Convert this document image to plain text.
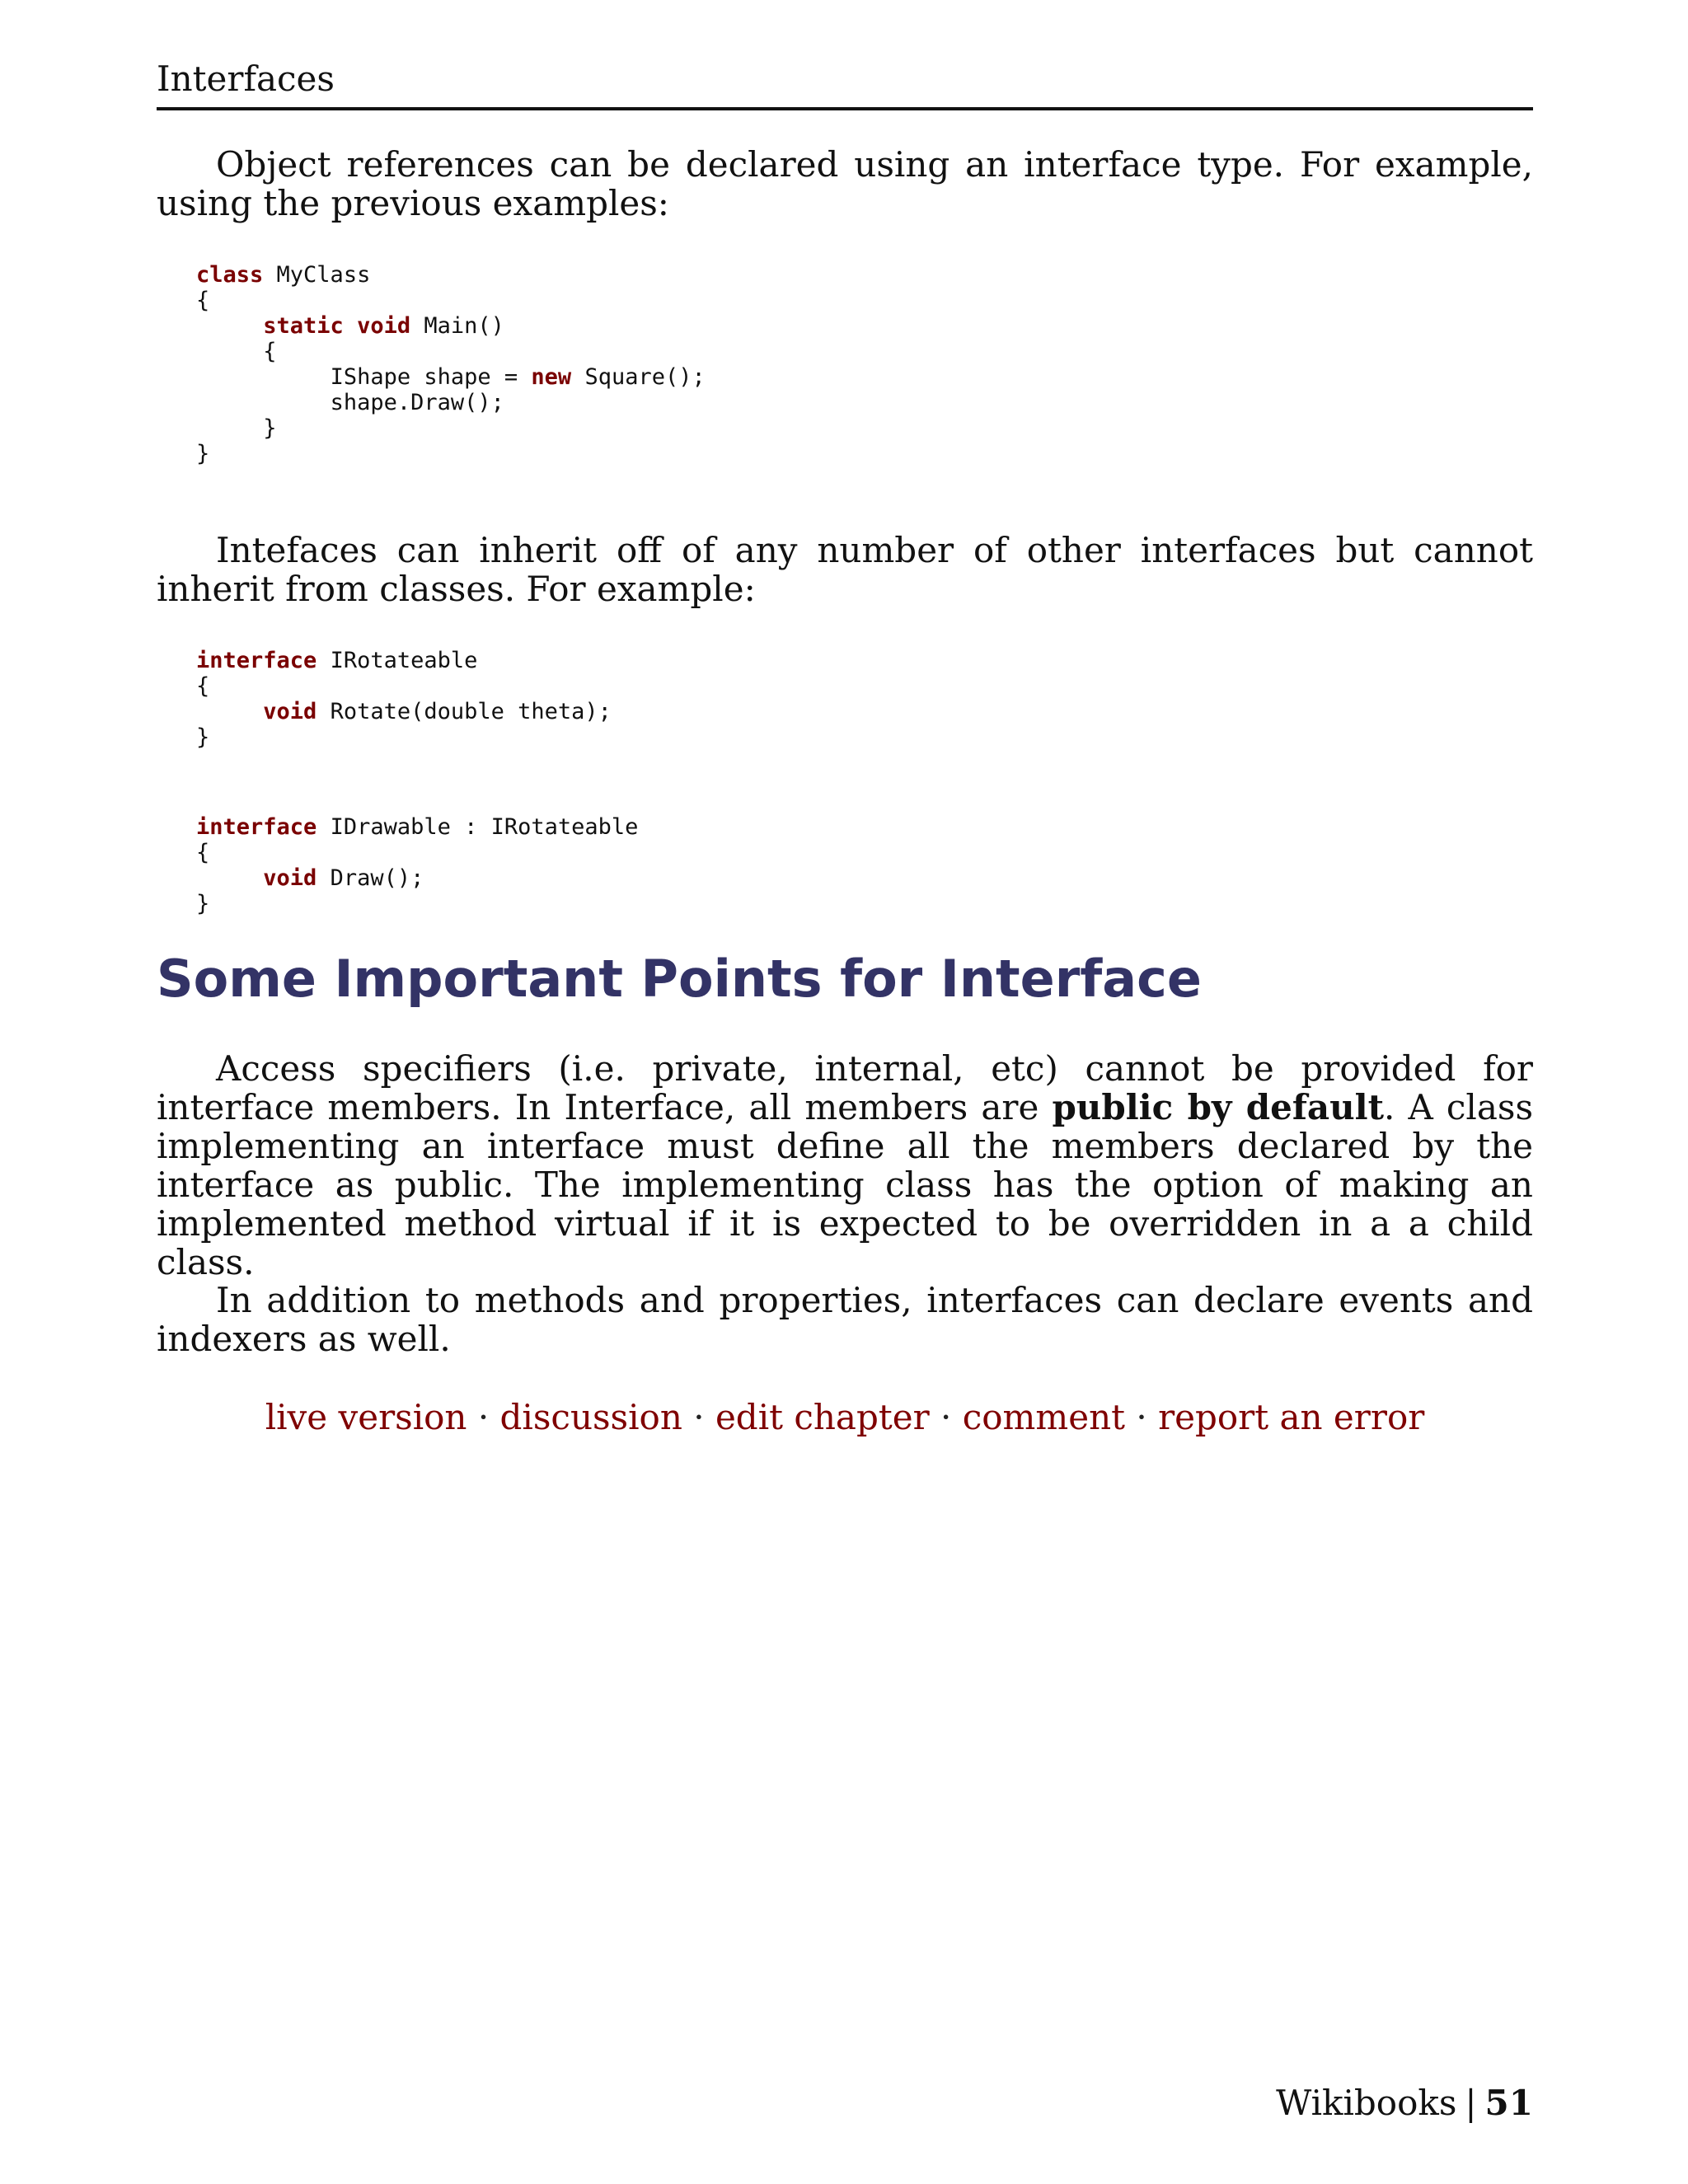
Interfaces

Object references can be declared using an interface type. For example, using the previous examples:

class MyClass
{
static void Main()
{
IShape shape = new Square();
shape.Draw();
}
}

Intefaces can inherit off of any number of other interfaces but cannot inherit from classes. For example:

interface IRotateable
{
void Rotate(double theta);
}
interface IDrawable : IRotateable
{
void Draw();
}
Some Important Points for Interface

Access specifiers (i.e. private, internal, etc) cannot be provided for interface members. In Interface, all members are public by default. A class implementing an interface must define all the members declared by the interface as public. The implementing class has the option of making an implemented method virtual if it is expected to be overridden in a a child class.

In addition to methods and properties, interfaces can declare events and indexers as well.

live version · discussion · edit chapter · comment · report an error
Wikibooks | 51
